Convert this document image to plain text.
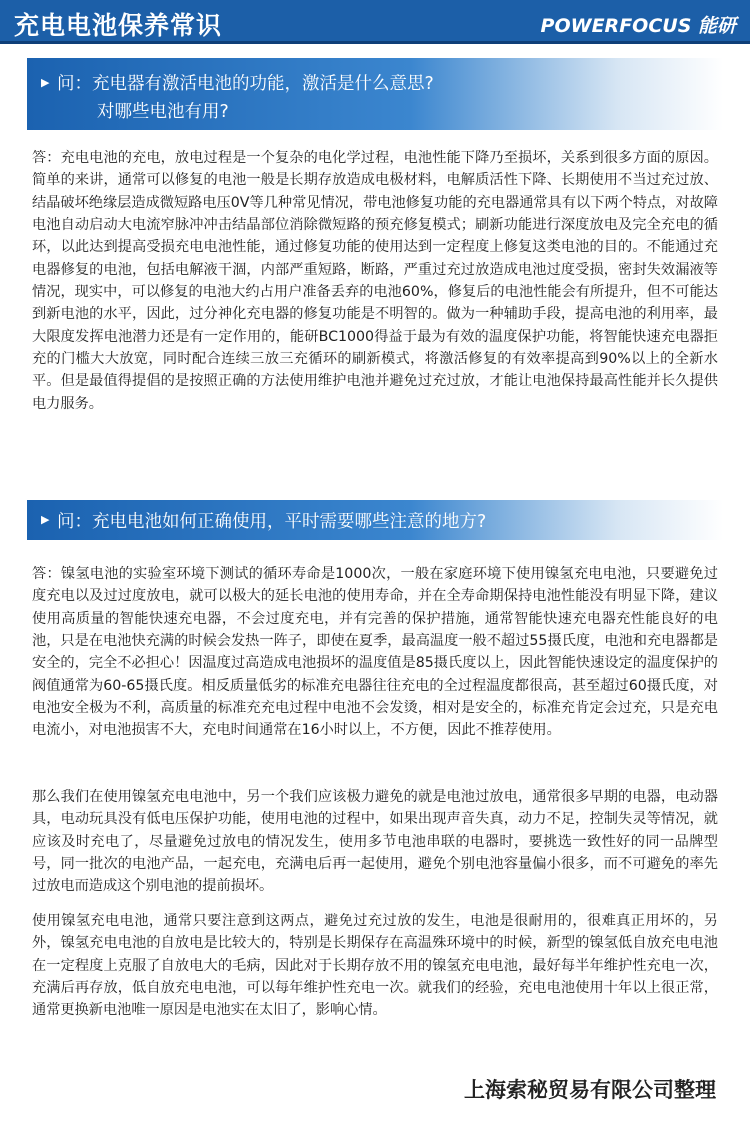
充电电池保养常识	POWERFOCUS 能研
▶ 问：充电器有激活电池的功能，激活是什么意思?
对哪些电池有用?

答：充电电池的充电，放电过程是一个复杂的电化学过程，电池性能下降乃至损坏，关系到很多方面的原因。简单的来讲，通常可以修复的电池一般是长期存放造成电极材料，电解质活性下降、长期使用不当过充过放、结晶破坏绝缘层造成微短路电压0V等几种常见情况，带电池修复功能的充电器通常具有以下两个特点，对故障电池自动启动大电流窄脉冲冲击结晶部位消除微短路的预充修复模式；刷新功能进行深度放电及完全充电的循环，以此达到提高受损充电电池性能，通过修复功能的使用达到一定程度上修复这类电池的目的。不能通过充电器修复的电池，包括电解液干涸，内部严重短路，断路，严重过充过放造成电池过度受损，密封失效漏液等情况，现实中，可以修复的电池大约占用户准备丢弃的电池60%，修复后的电池性能会有所提升，但不可能达到新电池的水平，因此，过分神化充电器的修复功能是不明智的。做为一种辅助手段，提高电池的利用率，最大限度发挥电池潜力还是有一定作用的，能研BC1000得益于最为有效的温度保护功能，将智能快速充电器拒充的门槛大大放宽，同时配合连续三放三充循环的刷新模式，将激活修复的有效率提高到90%以上的全新水平。但是最值得提倡的是按照正确的方法使用维护电池并避免过充过放，才能让电池保持最高性能并长久提供电力服务。

▶ 问：充电电池如何正确使用，平时需要哪些注意的地方?

答：镍氢电池的实验室环境下测试的循环寿命是1000次，一般在家庭环境下使用镍氢充电电池，只要避免过度充电以及过过度放电，就可以极大的延长电池的使用寿命，并在全寿命期保持电池性能没有明显下降，建议使用高质量的智能快速充电器，不会过度充电，并有完善的保护措施，通常智能快速充电器充性能良好的电池，只是在电池快充满的时候会发热一阵子，即使在夏季，最高温度一般不超过55摄氏度，电池和充电器都是安全的，完全不必担心！因温度过高造成电池损坏的温度值是85摄氏度以上，因此智能快速设定的温度保护的阀值通常为60-65摄氏度。相反质量低劣的标准充电器往往充电的全过程温度都很高，甚至超过60摄氏度，对电池安全极为不利，高质量的标准充充电过程中电池不会发烫，相对是安全的，标准充肯定会过充，只是充电电流小，对电池损害不大，充电时间通常在16小时以上，不方便，因此不推荐使用。

那么我们在使用镍氢充电电池中，另一个我们应该极力避免的就是电池过放电，通常很多早期的电器，电动器具，电动玩具没有低电压保护功能，使用电池的过程中，如果出现声音失真，动力不足，控制失灵等情况，就应该及时充电了，尽量避免过放电的情况发生，使用多节电池串联的电器时，要挑选一致性好的同一品牌型号，同一批次的电池产品，一起充电，充满电后再一起使用，避免个别电池容量偏小很多，而不可避免的率先过放电而造成这个别电池的提前损坏。

使用镍氢充电电池，通常只要注意到这两点，避免过充过放的发生，电池是很耐用的，很难真正用坏的，另外，镍氢充电电池的自放电是比较大的，特别是长期保存在高温殊环境中的时候，新型的镍氢低自放充电电池在一定程度上克服了自放电大的毛病，因此对于长期存放不用的镍氢充电电池，最好每半年维护性充电一次，充满后再存放，低自放充电电池，可以每年维护性充电一次。就我们的经验，充电电池使用十年以上很正常，通常更换新电池唯一原因是电池实在太旧了，影响心情。

上海索秘贸易有限公司整理
